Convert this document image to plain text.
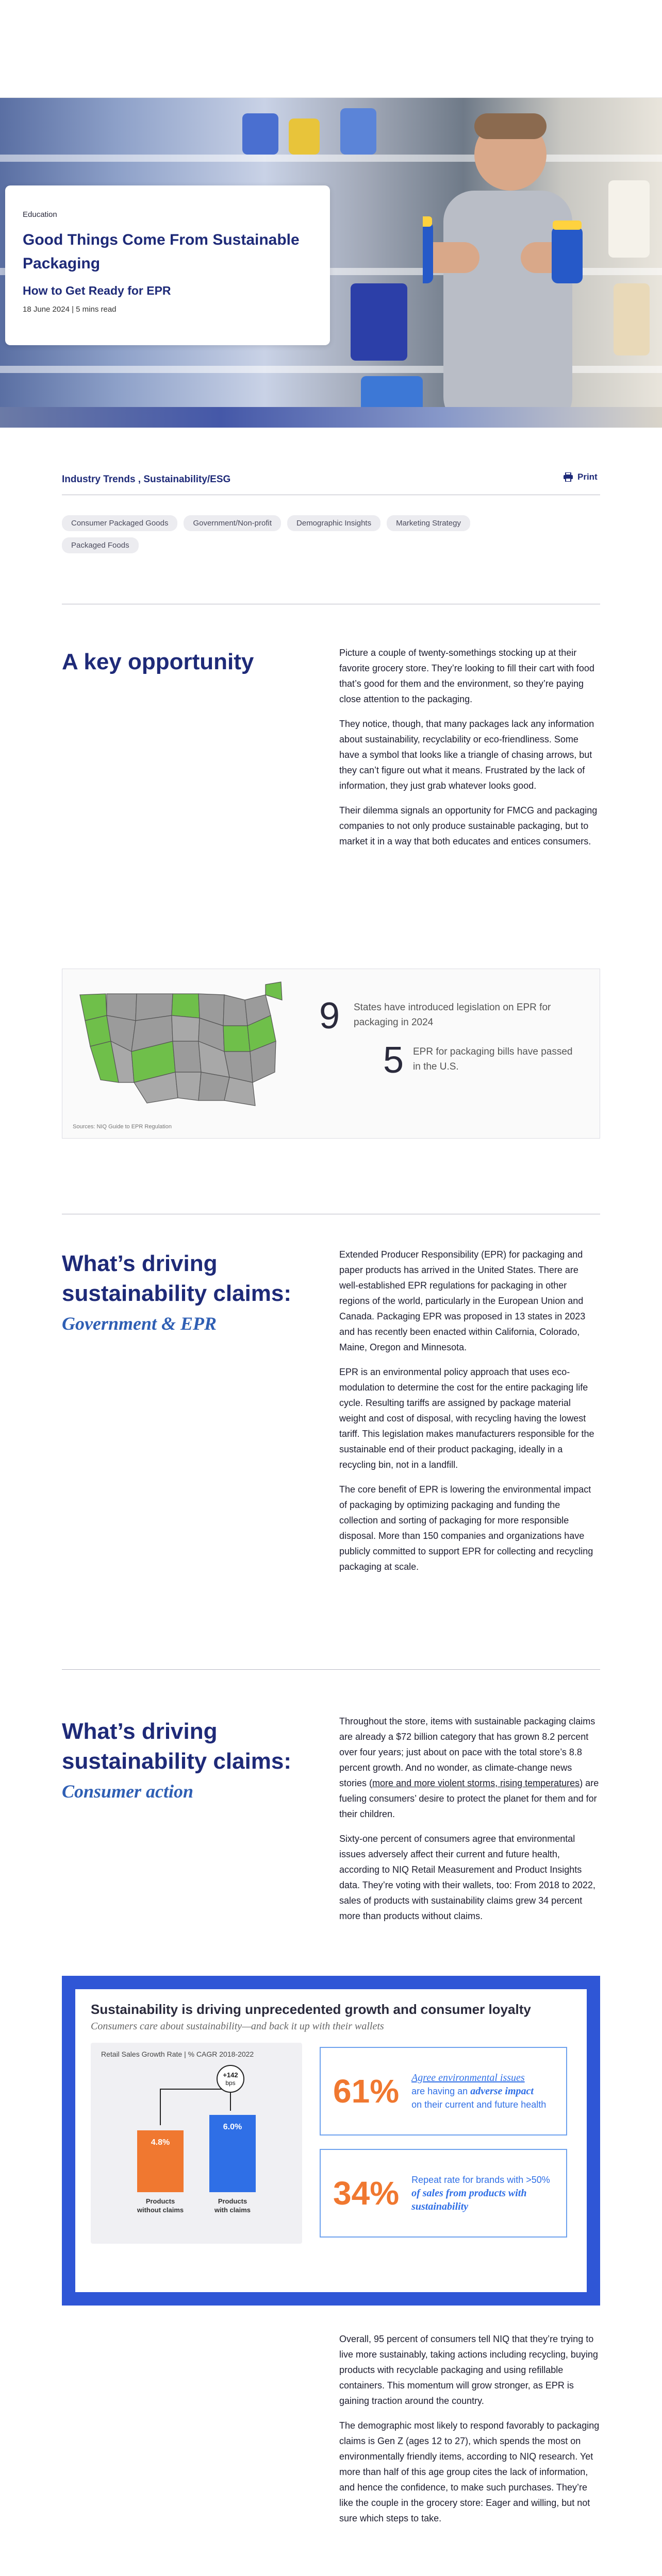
Education
Good Things Come From Sustainable Packaging
How to Get Ready for EPR
18 June 2024 | 5 mins read
Industry Trends , Sustainability/ESG	Print
Consumer Packaged Goods	Government/Non-profit	Demographic Insights	Marketing Strategy
Packaged Foods
A key opportunity	Picture a couple of twenty-somethings stocking up at their favorite grocery store. They’re looking to fill their cart with food that’s good for them and the environment, so they’re paying close attention to the packaging.

They notice, though, that many packages lack any information about sustainability, recyclability or eco-friendliness. Some have a symbol that looks like a triangle of chasing arrows, but they can’t figure out what it means. Frustrated by the lack of information, they just grab whatever looks good.

Their dilemma signals an opportunity for FMCG and packaging companies to not only produce sustainable packaging, but to market it in a way that both educates and entices consumers.

Sources: NIQ Guide to EPR Regulation
9 States have introduced legislation on EPR for packaging in 2024
5 EPR for packaging bills have passed in the U.S.
What’s driving sustainability claims:
Government & EPR

Extended Producer Responsibility (EPR) for packaging and paper products has arrived in the United States. There are well-established EPR regulations for packaging in other regions of the world, particularly in the European Union and Canada. Packaging EPR was proposed in 13 states in 2023 and has recently been enacted within California, Colorado, Maine, Oregon and Minnesota.

EPR is an environmental policy approach that uses eco-modulation to determine the cost for the entire packaging life cycle. Resulting tariffs are assigned by package material weight and cost of disposal, with recycling having the lowest tariff. This legislation makes manufacturers responsible for the sustainable end of their product packaging, ideally in a recycling bin, not in a landfill.

The core benefit of EPR is lowering the environmental impact of packaging by optimizing packaging and funding the collection and sorting of packaging for more responsible disposal. More than 150 companies and organizations have publicly committed to support EPR for collecting and recycling packaging at scale.

What’s driving sustainability claims:
Consumer action

Throughout the store, items with sustainable packaging claims are already a $72 billion category that has grown 8.2 percent over four years; just about on pace with the total store’s 8.8 percent growth. And no wonder, as climate-change news stories (more and more violent storms, rising temperatures) are fueling consumers’ desire to protect the planet for them and for their children.

Sixty-one percent of consumers agree that environmental issues adversely affect their current and future health, according to NIQ Retail Measurement and Product Insights data. They’re voting with their wallets, too: From 2018 to 2022, sales of products with sustainability claims grew 34 percent more than products without claims.

Sustainability is driving unprecedented growth and consumer loyalty
Consumers care about sustainability—and back it up with their wallets
Retail Sales Growth Rate | % CAGR 2018-2022
4.8%
Products
without claims
6.0%
Products
with claims
+142
bps	61% Agree environmental issues
are having an adverse impact
on their current and future health
34% Repeat rate for brands with >50%
of sales from products with sustainability

Overall, 95 percent of consumers tell NIQ that they’re trying to live more sustainably, taking actions including recycling, buying products with recyclable packaging and using refillable containers. This momentum will grow stronger, as EPR is gaining traction around the country.

The demographic most likely to respond favorably to packaging claims is Gen Z (ages 12 to 27), which spends the most on environmentally friendly items, according to NIQ research. Yet more than half of this age group cites the lack of information, and hence the confidence, to make such purchases. They’re like the couple in the grocery store: Eager and willing, but not sure which steps to take.
